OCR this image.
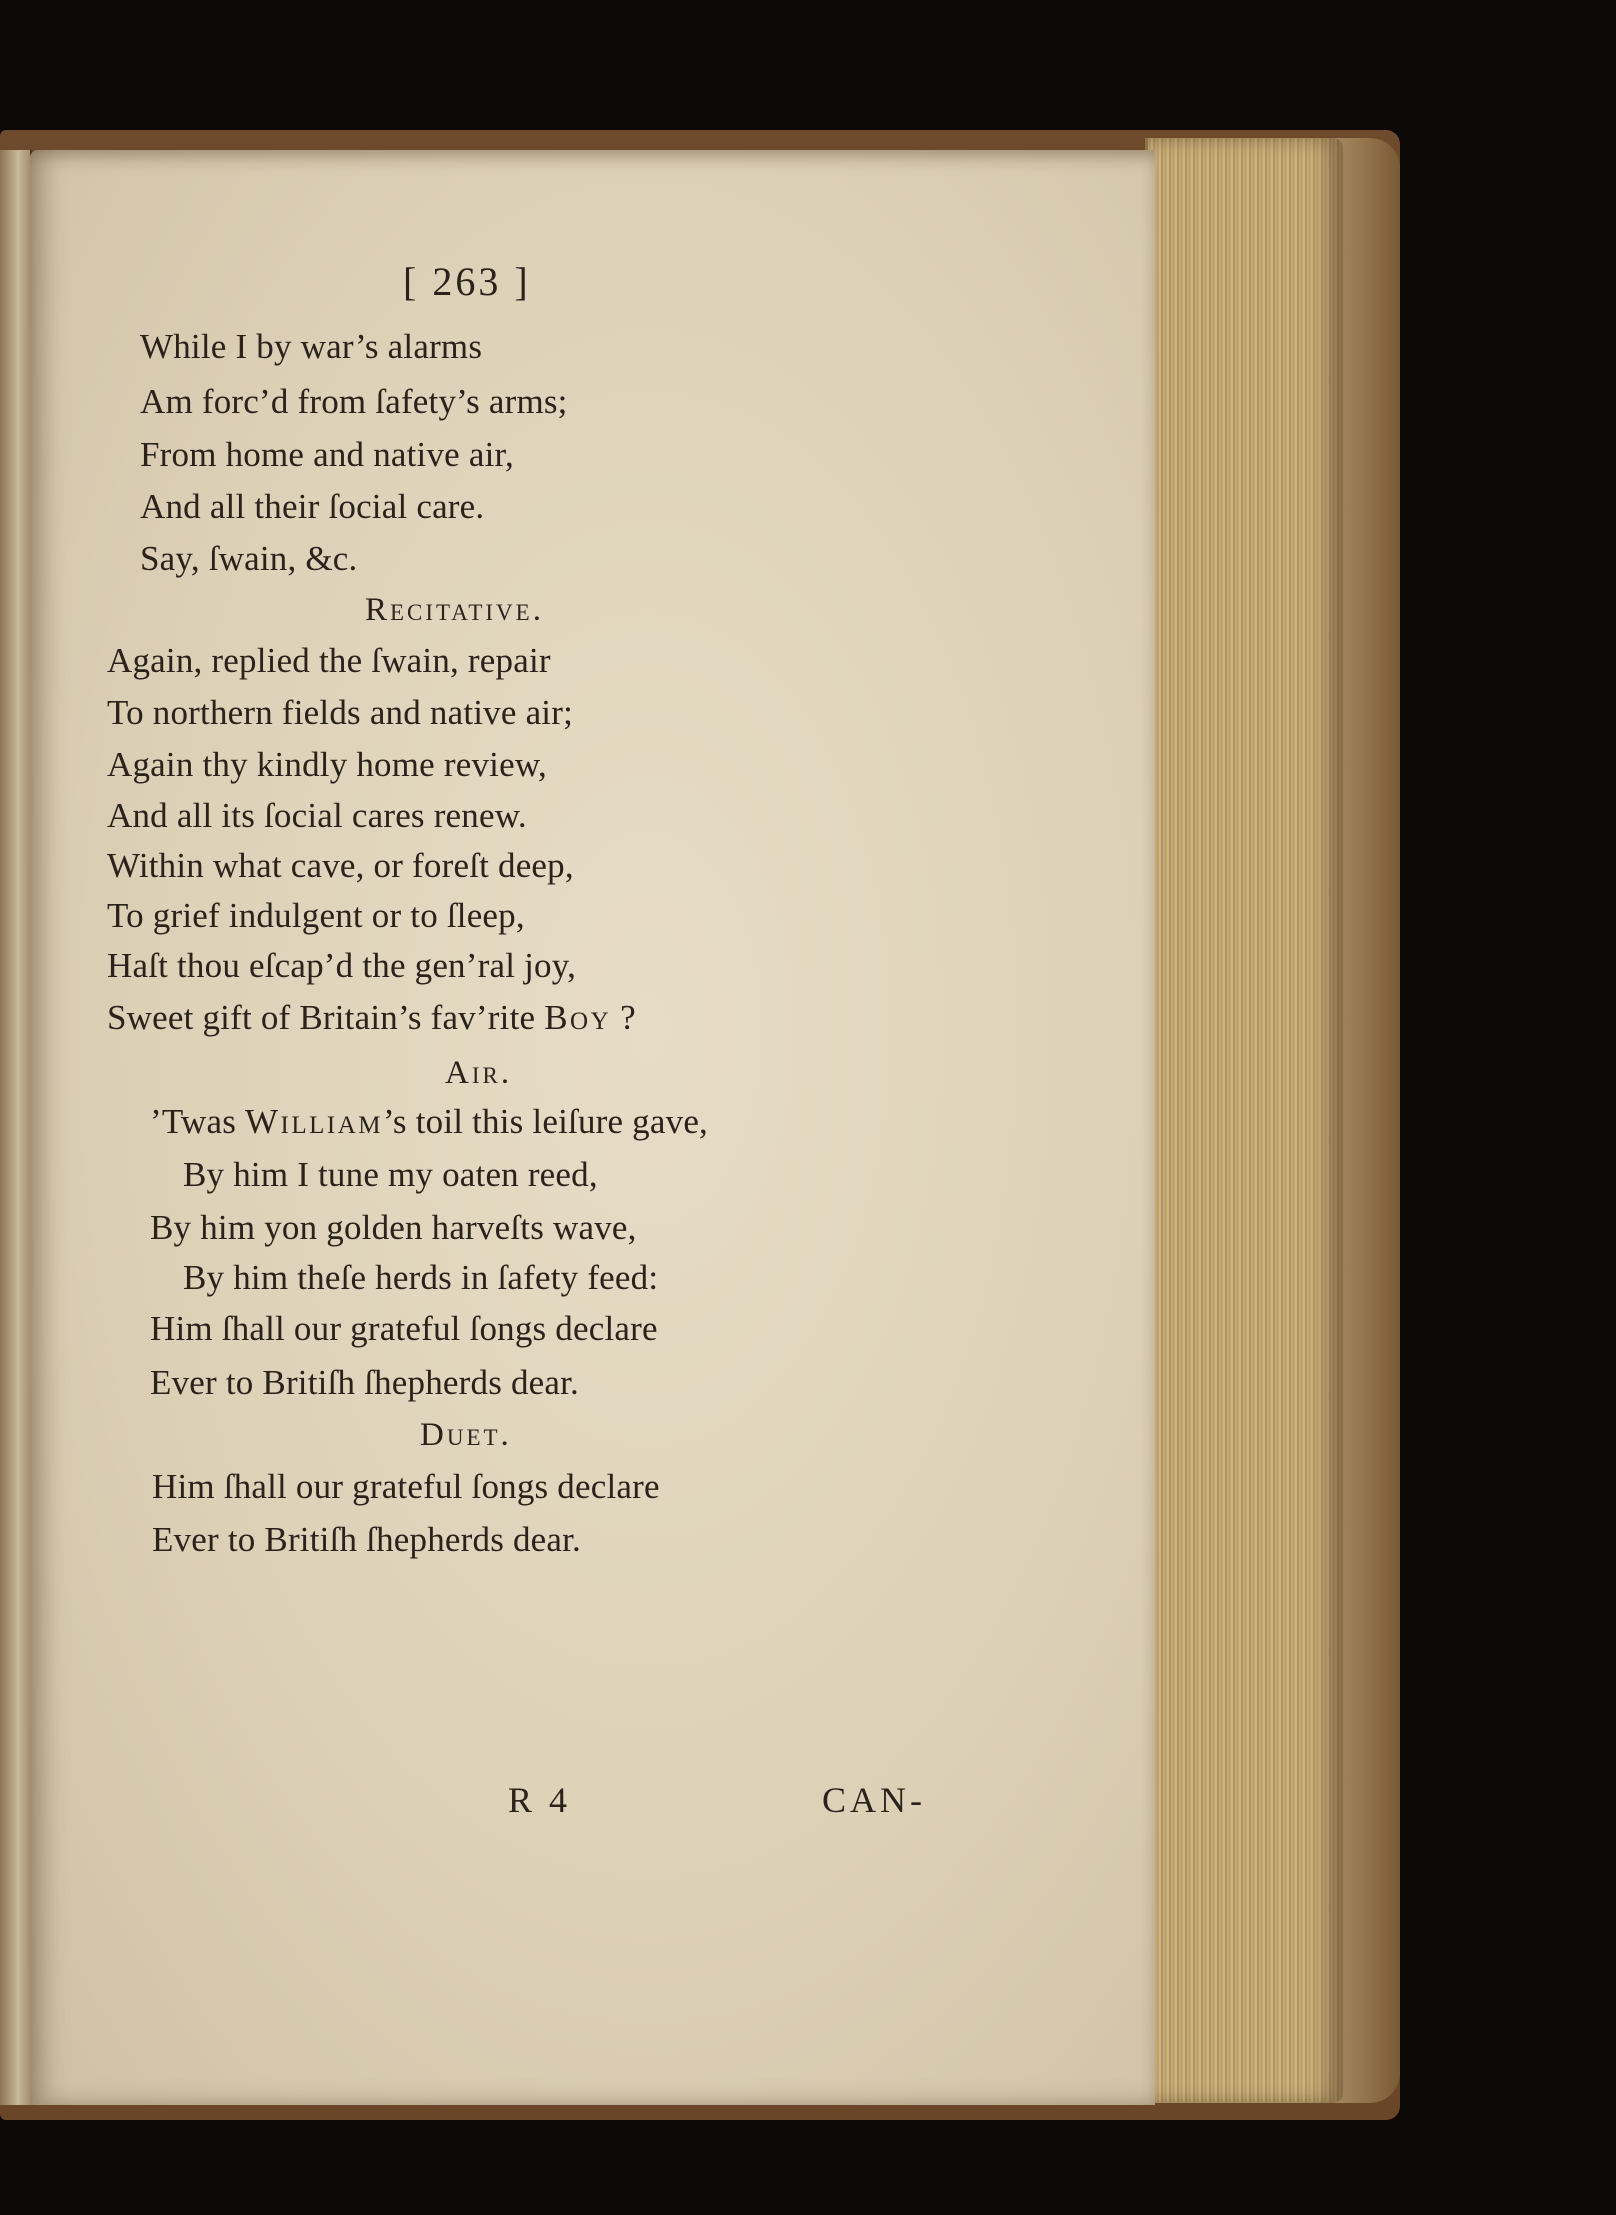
[ 263 ]
While I by war’s alarms
Am forc’d from ſafety’s arms;
From home and native air,
And all their ſocial care.
Say, ſwain, &c.
Recitative.
Again, replied the ſwain, repair
To northern fields and native air;
Again thy kindly home review,
And all its ſocial cares renew.
Within what cave, or foreſt deep,
To grief indulgent or to ſleep,
Haſt thou eſcap’d the gen’ral joy,
Sweet gift of Britain’s fav’rite Boy ?
Air.
’Twas William’s toil this leiſure gave,
By him I tune my oaten reed,
By him yon golden harveſts wave,
By him theſe herds in ſafety feed:
Him ſhall our grateful ſongs declare
Ever to Britiſh ſhepherds dear.
Duet.
Him ſhall our grateful ſongs declare
Ever to Britiſh ſhepherds dear.
R 4	CAN-
